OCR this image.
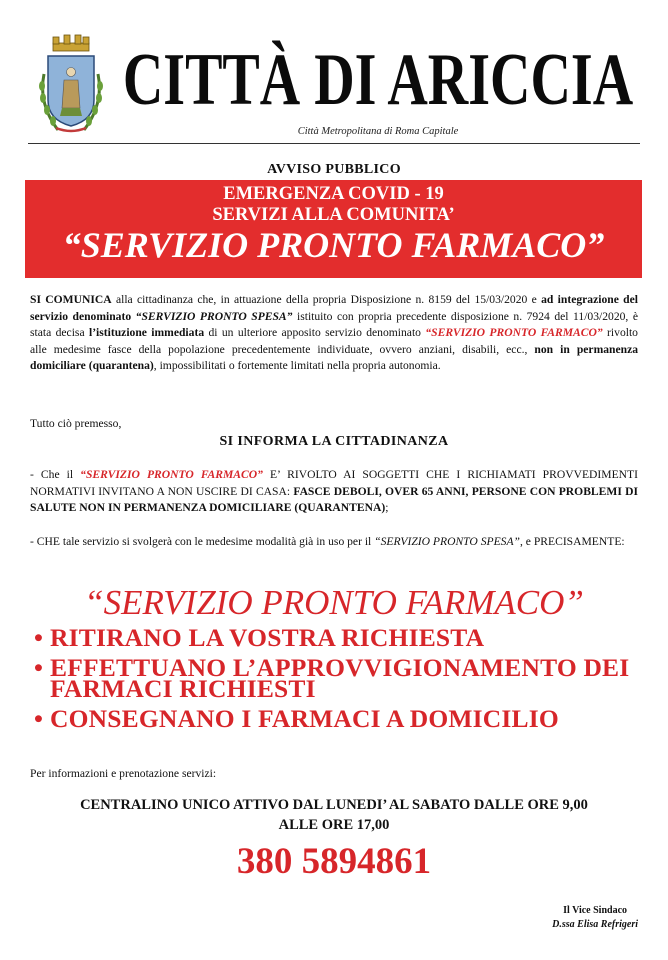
CITTÀ DI ARICCIA
Città Metropolitana di Roma Capitale
AVVISO PUBBLICO
EMERGENZA COVID - 19
SERVIZI ALLA COMUNITA’
“SERVIZIO PRONTO FARMACO”
SI COMUNICA alla cittadinanza che, in attuazione della propria Disposizione n. 8159 del 15/03/2020 e ad integrazione del servizio denominato “SERVIZIO PRONTO SPESA” istituito con propria precedente disposizione n. 7924 del 11/03/2020, è stata decisa l’istituzione immediata di un ulteriore apposito servizio denominato “SERVIZIO PRONTO FARMACO” rivolto alle medesime fasce della popolazione precedentemente individuate, ovvero anziani, disabili, ecc., non in permanenza domiciliare (quarantena), impossibilitati o fortemente limitati nella propria autonomia.
Tutto ciò premesso,
SI INFORMA LA CITTADINANZA
- Che il “SERVIZIO PRONTO FARMACO” E’ RIVOLTO AI SOGGETTI CHE I RICHIAMATI PROVVEDIMENTI NORMATIVI INVITANO A NON USCIRE DI CASA: FASCE DEBOLI, OVER 65 ANNI, PERSONE CON PROBLEMI DI SALUTE NON IN PERMANENZA DOMICILIARE (QUARANTENA);
- CHE tale servizio si svolgerà con le medesime modalità già in uso per il “SERVIZIO PRONTO SPESA”, e PRECISAMENTE:
“SERVIZIO PRONTO FARMACO”
• RITIRANO LA VOSTRA RICHIESTA
• EFFETTUANO L’APPROVVIGIONAMENTO DEI FARMACI RICHIESTI
• CONSEGNANO I FARMACI A DOMICILIO
Per informazioni e prenotazione servizi:
CENTRALINO UNICO ATTIVO DAL LUNEDI’ AL SABATO DALLE ORE 9,00
ALLE ORE 17,00
380 5894861
Il Vice Sindaco
D.ssa Elisa Refrigeri
